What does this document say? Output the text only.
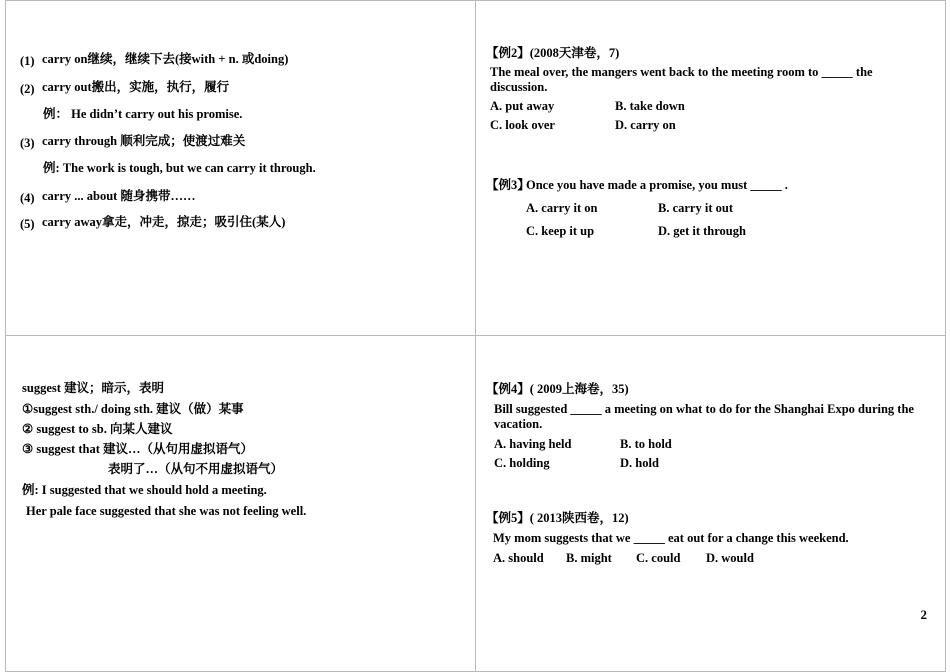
(1) carry on继续，继续下去(接with + n. 或doing)
(2) carry out搬出，实施，执行，履行
例： He didn’t carry out his promise.
(3) carry through 顺利完成；使渡过难关
例: The work is tough, but we can carry it through.
(4) carry ... about 随身携带……
(5) carry away拿走，冲走，掠走；吸引住(某人)
【例2】(2008天津卷，7)
The meal over, the mangers went back to the meeting room to _____ the discussion.
A. put away	B. take down
C. look over	D. carry on
【例3】
Once you have made a promise, you must _____ .
A. carry it on	B. carry it out
C. keep it up	D. get it through
suggest 建议；暗示，表明
①suggest sth./ doing sth. 建议（做）某事
② suggest to sb. 向某人建议
③ suggest that 建议…（从句用虚拟语气）
表明了…（从句不用虚拟语气）
例: I suggested that we should hold a meeting.
Her pale face suggested that she was not feeling well.
【例4】( 2009上海卷，35)
Bill suggested _____ a meeting on what to do for the Shanghai Expo during the vacation.
A. having held	B. to hold
C. holding	D. hold
【例5】( 2013陕西卷，12)
My mom suggests that we _____ eat out for a change this weekend.
A. should B. might C. could D. would
2
